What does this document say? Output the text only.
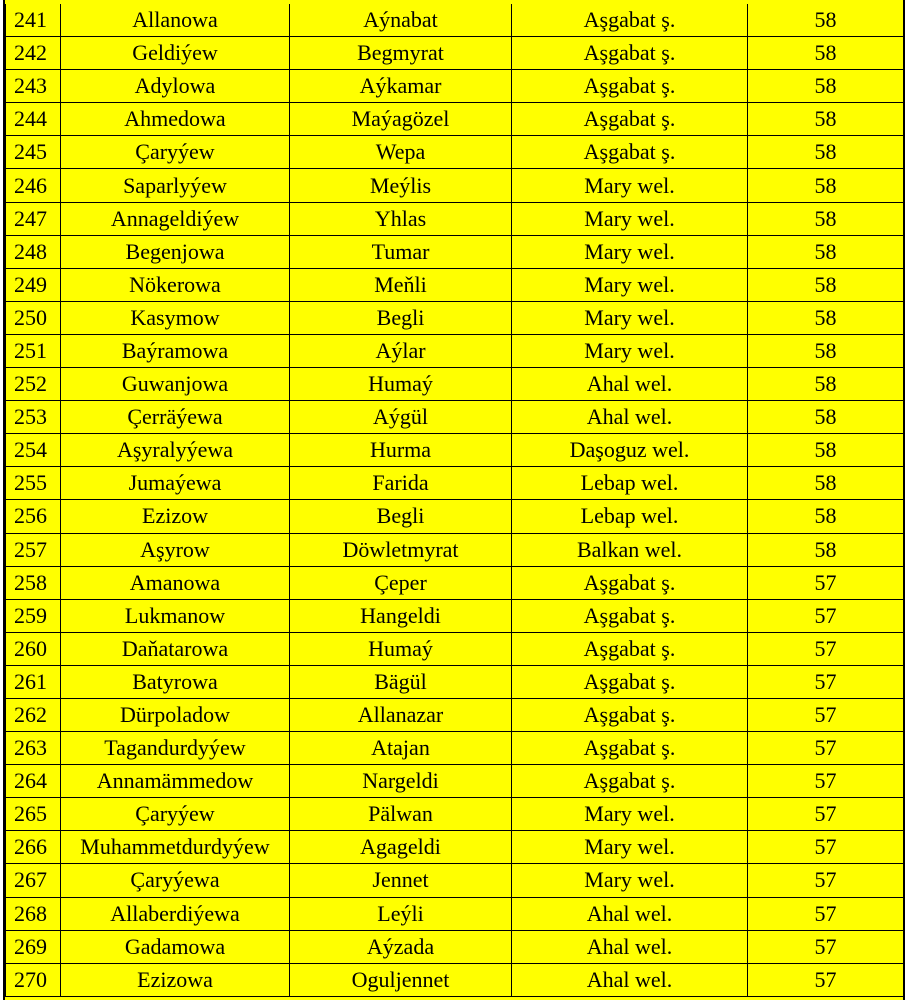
241	Allanowa	Aýnabat	Aşgabat ş.	58
242	Geldiýew	Begmyrat	Aşgabat ş.	58
243	Adylowa	Aýkamar	Aşgabat ş.	58
244	Ahmedowa	Maýagözel	Aşgabat ş.	58
245	Çaryýew	Wepa	Aşgabat ş.	58
246	Saparlyýew	Meýlis	Mary wel.	58
247	Annageldiýew	Yhlas	Mary wel.	58
248	Begenjowa	Tumar	Mary wel.	58
249	Nökerowa	Meňli	Mary wel.	58
250	Kasymow	Begli	Mary wel.	58
251	Baýramowa	Aýlar	Mary wel.	58
252	Guwanjowa	Humaý	Ahal wel.	58
253	Çerräýewa	Aýgül	Ahal wel.	58
254	Aşyralyýewa	Hurma	Daşoguz wel.	58
255	Jumaýewa	Farida	Lebap wel.	58
256	Ezizow	Begli	Lebap wel.	58
257	Aşyrow	Döwletmyrat	Balkan wel.	58
258	Amanowa	Çeper	Aşgabat ş.	57
259	Lukmanow	Hangeldi	Aşgabat ş.	57
260	Daňatarowa	Humaý	Aşgabat ş.	57
261	Batyrowa	Bägül	Aşgabat ş.	57
262	Dürpoladow	Allanazar	Aşgabat ş.	57
263	Tagandurdyýew	Atajan	Aşgabat ş.	57
264	Annamämmedow	Nargeldi	Aşgabat ş.	57
265	Çaryýew	Pälwan	Mary wel.	57
266	Muhammetdurdyýew	Agageldi	Mary wel.	57
267	Çaryýewa	Jennet	Mary wel.	57
268	Allaberdiýewa	Leýli	Ahal wel.	57
269	Gadamowa	Aýzada	Ahal wel.	57
270	Ezizowa	Oguljennet	Ahal wel.	57
